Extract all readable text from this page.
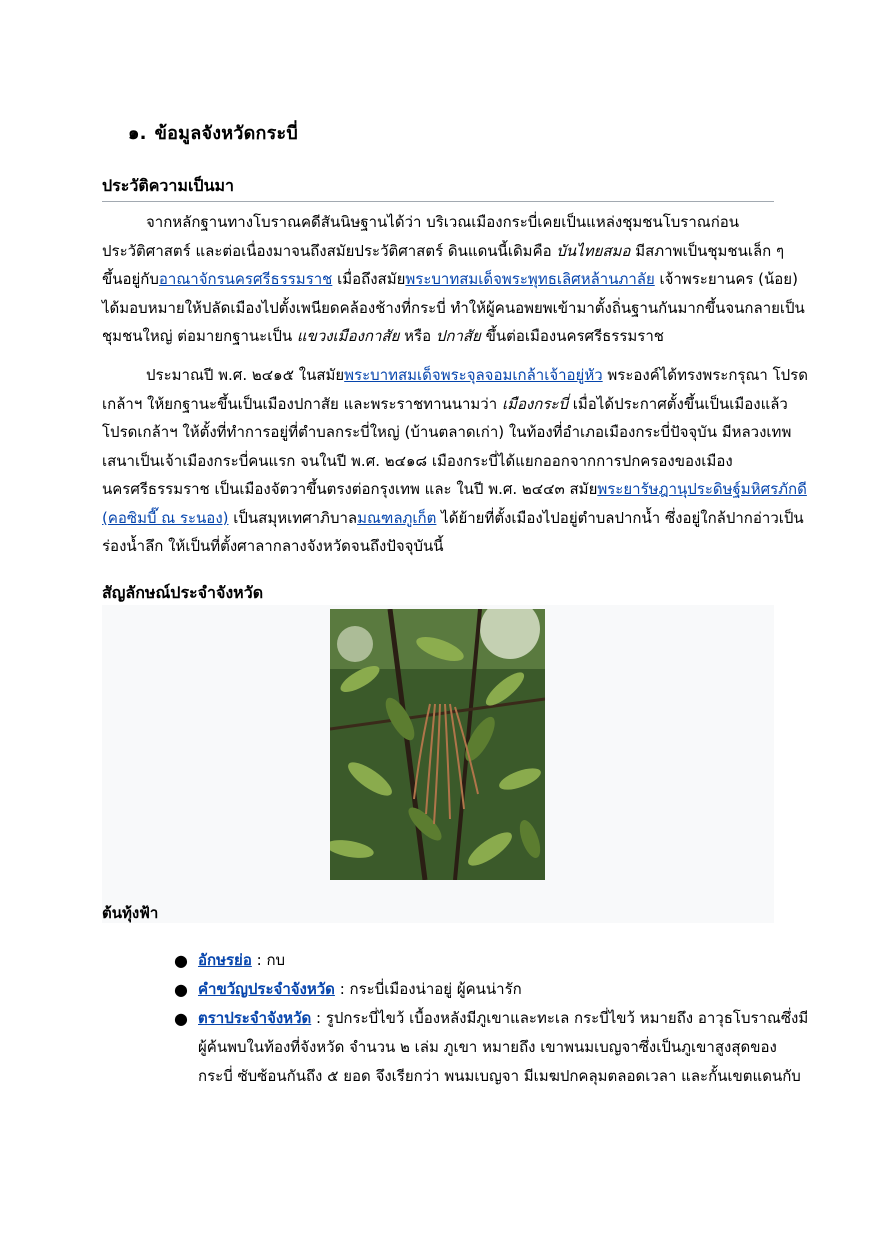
๑. ข้อมูลจังหวัดกระบี่
ประวัติความเป็นมา
จากหลักฐานทางโบราณคดีสันนิษฐานได้ว่า บริเวณเมืองกระบี่เคยเป็นแหล่งชุมชนโบราณก่อน
ประวัติศาสตร์ และต่อเนื่องมาจนถึงสมัยประวัติศาสตร์ ดินแดนนี้เดิมคือ บันไทยสมอ มีสภาพเป็นชุมชนเล็ก ๆ
ขึ้นอยู่กับอาณาจักรนครศรีธรรมราช เมื่อถึงสมัยพระบาทสมเด็จพระพุทธเลิศหล้านภาลัย เจ้าพระยานคร (น้อย)
ได้มอบหมายให้ปลัดเมืองไปตั้งเพนียดคล้องช้างที่กระบี่ ทำให้ผู้คนอพยพเข้ามาตั้งถิ่นฐานกันมากขึ้นจนกลายเป็น
ชุมชนใหญ่ ต่อมายกฐานะเป็น แขวงเมืองกาสัย หรือ ปกาสัย ขึ้นต่อเมืองนครศรีธรรมราช
ประมาณปี พ.ศ. ๒๔๑๕ ในสมัยพระบาทสมเด็จพระจุลจอมเกล้าเจ้าอยู่หัว พระองค์ได้ทรงพระกรุณา โปรด
เกล้าฯ ให้ยกฐานะขึ้นเป็นเมืองปกาสัย และพระราชทานนามว่า เมืองกระบี่ เมื่อได้ประกาศตั้งขึ้นเป็นเมืองแล้ว
โปรดเกล้าฯ ให้ตั้งที่ทำการอยู่ที่ตำบลกระบี่ใหญ่ (บ้านตลาดเก่า) ในท้องที่อำเภอเมืองกระบี่ปัจจุบัน มีหลวงเทพ
เสนาเป็นเจ้าเมืองกระบี่คนแรก จนในปี พ.ศ. ๒๔๑๘ เมืองกระบี่ได้แยกออกจากการปกครองของเมือง
นครศรีธรรมราช เป็นเมืองจัตวาขึ้นตรงต่อกรุงเทพ และ ในปี พ.ศ. ๒๔๔๓ สมัยพระยารัษฎานุประดิษฐ์มหิศรภักดี
(คอซิมบี๊ ณ ระนอง) เป็นสมุหเทศาภิบาลมณฑลภูเก็ต ได้ย้ายที่ตั้งเมืองไปอยู่ตำบลปากน้ำ ซึ่งอยู่ใกล้ปากอ่าวเป็น
ร่องน้ำลึก ให้เป็นที่ตั้งศาลากลางจังหวัดจนถึงปัจจุบันนี้
สัญลักษณ์ประจำจังหวัด
ต้นทุ้งฟ้า
● อักษรย่อ : กบ
● คำขวัญประจำจังหวัด : กระบี่เมืองน่าอยู่ ผู้คนน่ารัก
● ตราประจำจังหวัด : รูปกระบี่ไขว้ เบื้องหลังมีภูเขาและทะเล กระบี่ไขว้ หมายถึง อาวุธโบราณซึ่งมี
ผู้ค้นพบในท้องที่จังหวัด จำนวน ๒ เล่ม ภูเขา หมายถึง เขาพนมเบญจาซึ่งเป็นภูเขาสูงสุดของ
กระบี่ ซับซ้อนกันถึง ๕ ยอด จึงเรียกว่า พนมเบญจา มีเมฆปกคลุมตลอดเวลา และกั้นเขตแดนกับ
